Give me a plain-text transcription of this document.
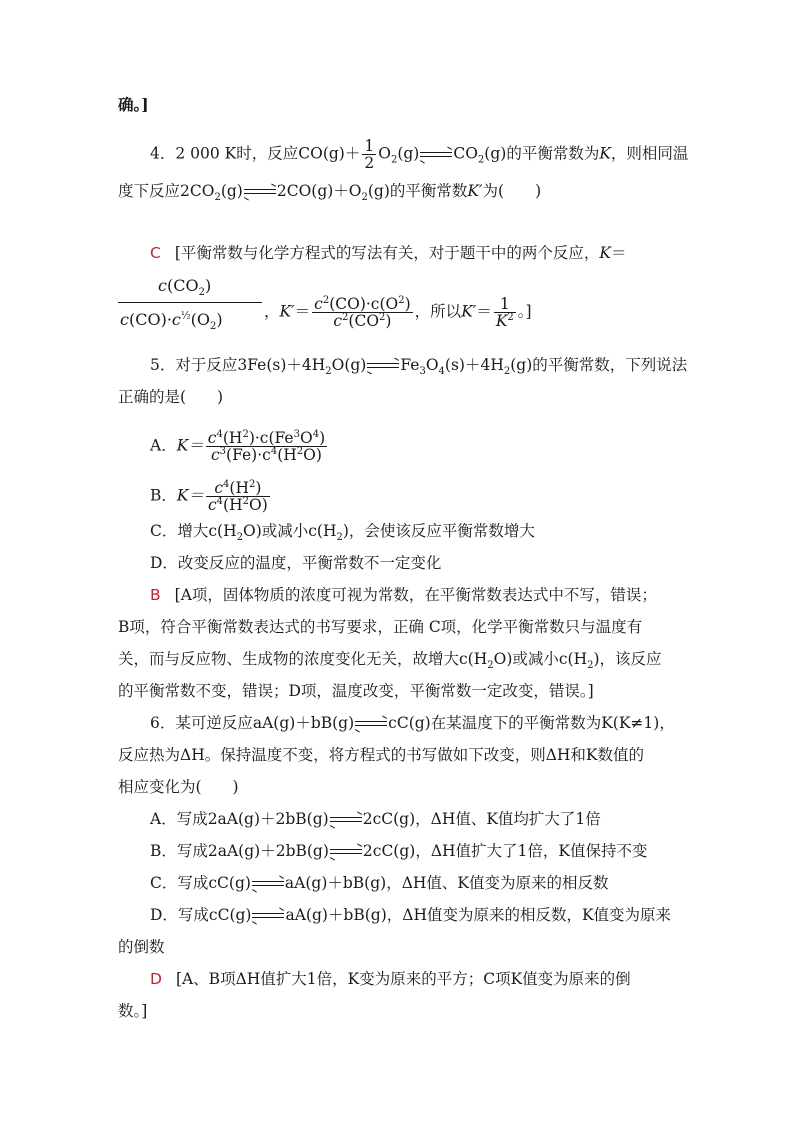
确。]
4．2 000 K时，反应$CO(g)+ \frac{1}{2} O_2(g)\to CO_2(g)$的平衡常数为K，则相同温
度下反应$2CO_2(g)\to 2CO(g)+O_2(g)$的平衡常数K′为(　　)
C [平衡常数与化学方程式的写法有关，对于题干中的两个反应，K＝
$c(CO_2)$
$c(CO)\cdot c^{\frac{1}{2}}(O_2)$	，$K'= \frac{c^2(CO)\cdot c(O^2)}{c^2(CO^2)}$ ，所以$K'= \frac{1}{K^2}$ 。]
5．对于反应$3Fe(s)+4H_2O(g)\to Fe_3O_4(s)+4H_2(g)$的平衡常数，下列说法
正确的是(　　)
A．$K= \frac{c^4(H^2)\cdot c(Fe^3O^4)}{c^3(Fe)\cdot c^4(H^2O)}$
B．$K= \frac{c^4(H^2)}{c^4(H^2O)}$
C．增大$c(H_2O)$或减小$c(H_2)$，会使该反应平衡常数增大
D．改变反应的温度，平衡常数不一定变化
B [A项，固体物质的浓度可视为常数，在平衡常数表达式中不写，错误；
B项，符合平衡常数表达式的书写要求，正确 C项，化学平衡常数只与温度有
关，而与反应物、生成物的浓度变化无关，故增大$c(H_2O)$或减小$c(H_2)$，该反应
的平衡常数不变，错误；D项，温度改变，平衡常数一定改变，错误。]
6．某可逆反应aA(g)＋bB(g)→cC(g)在某温度下的平衡常数为K(K≠1)，
反应热为ΔH。保持温度不变，将方程式的书写做如下改变，则ΔH和K数值的
相应变化为(　　)
A．写成2aA(g)＋2bB(g)→2cC(g)，ΔH值、K值均扩大了1倍
B．写成2aA(g)＋2bB(g)→2cC(g)，ΔH值扩大了1倍，K值保持不变
C．写成cC(g)→aA(g)＋bB(g)，ΔH值、K值变为原来的相反数
D．写成cC(g)→aA(g)＋bB(g)，ΔH值变为原来的相反数，K值变为原来
的倒数
D [A、B项ΔH值扩大1倍，K变为原来的平方；C项K值变为原来的倒
数。]
